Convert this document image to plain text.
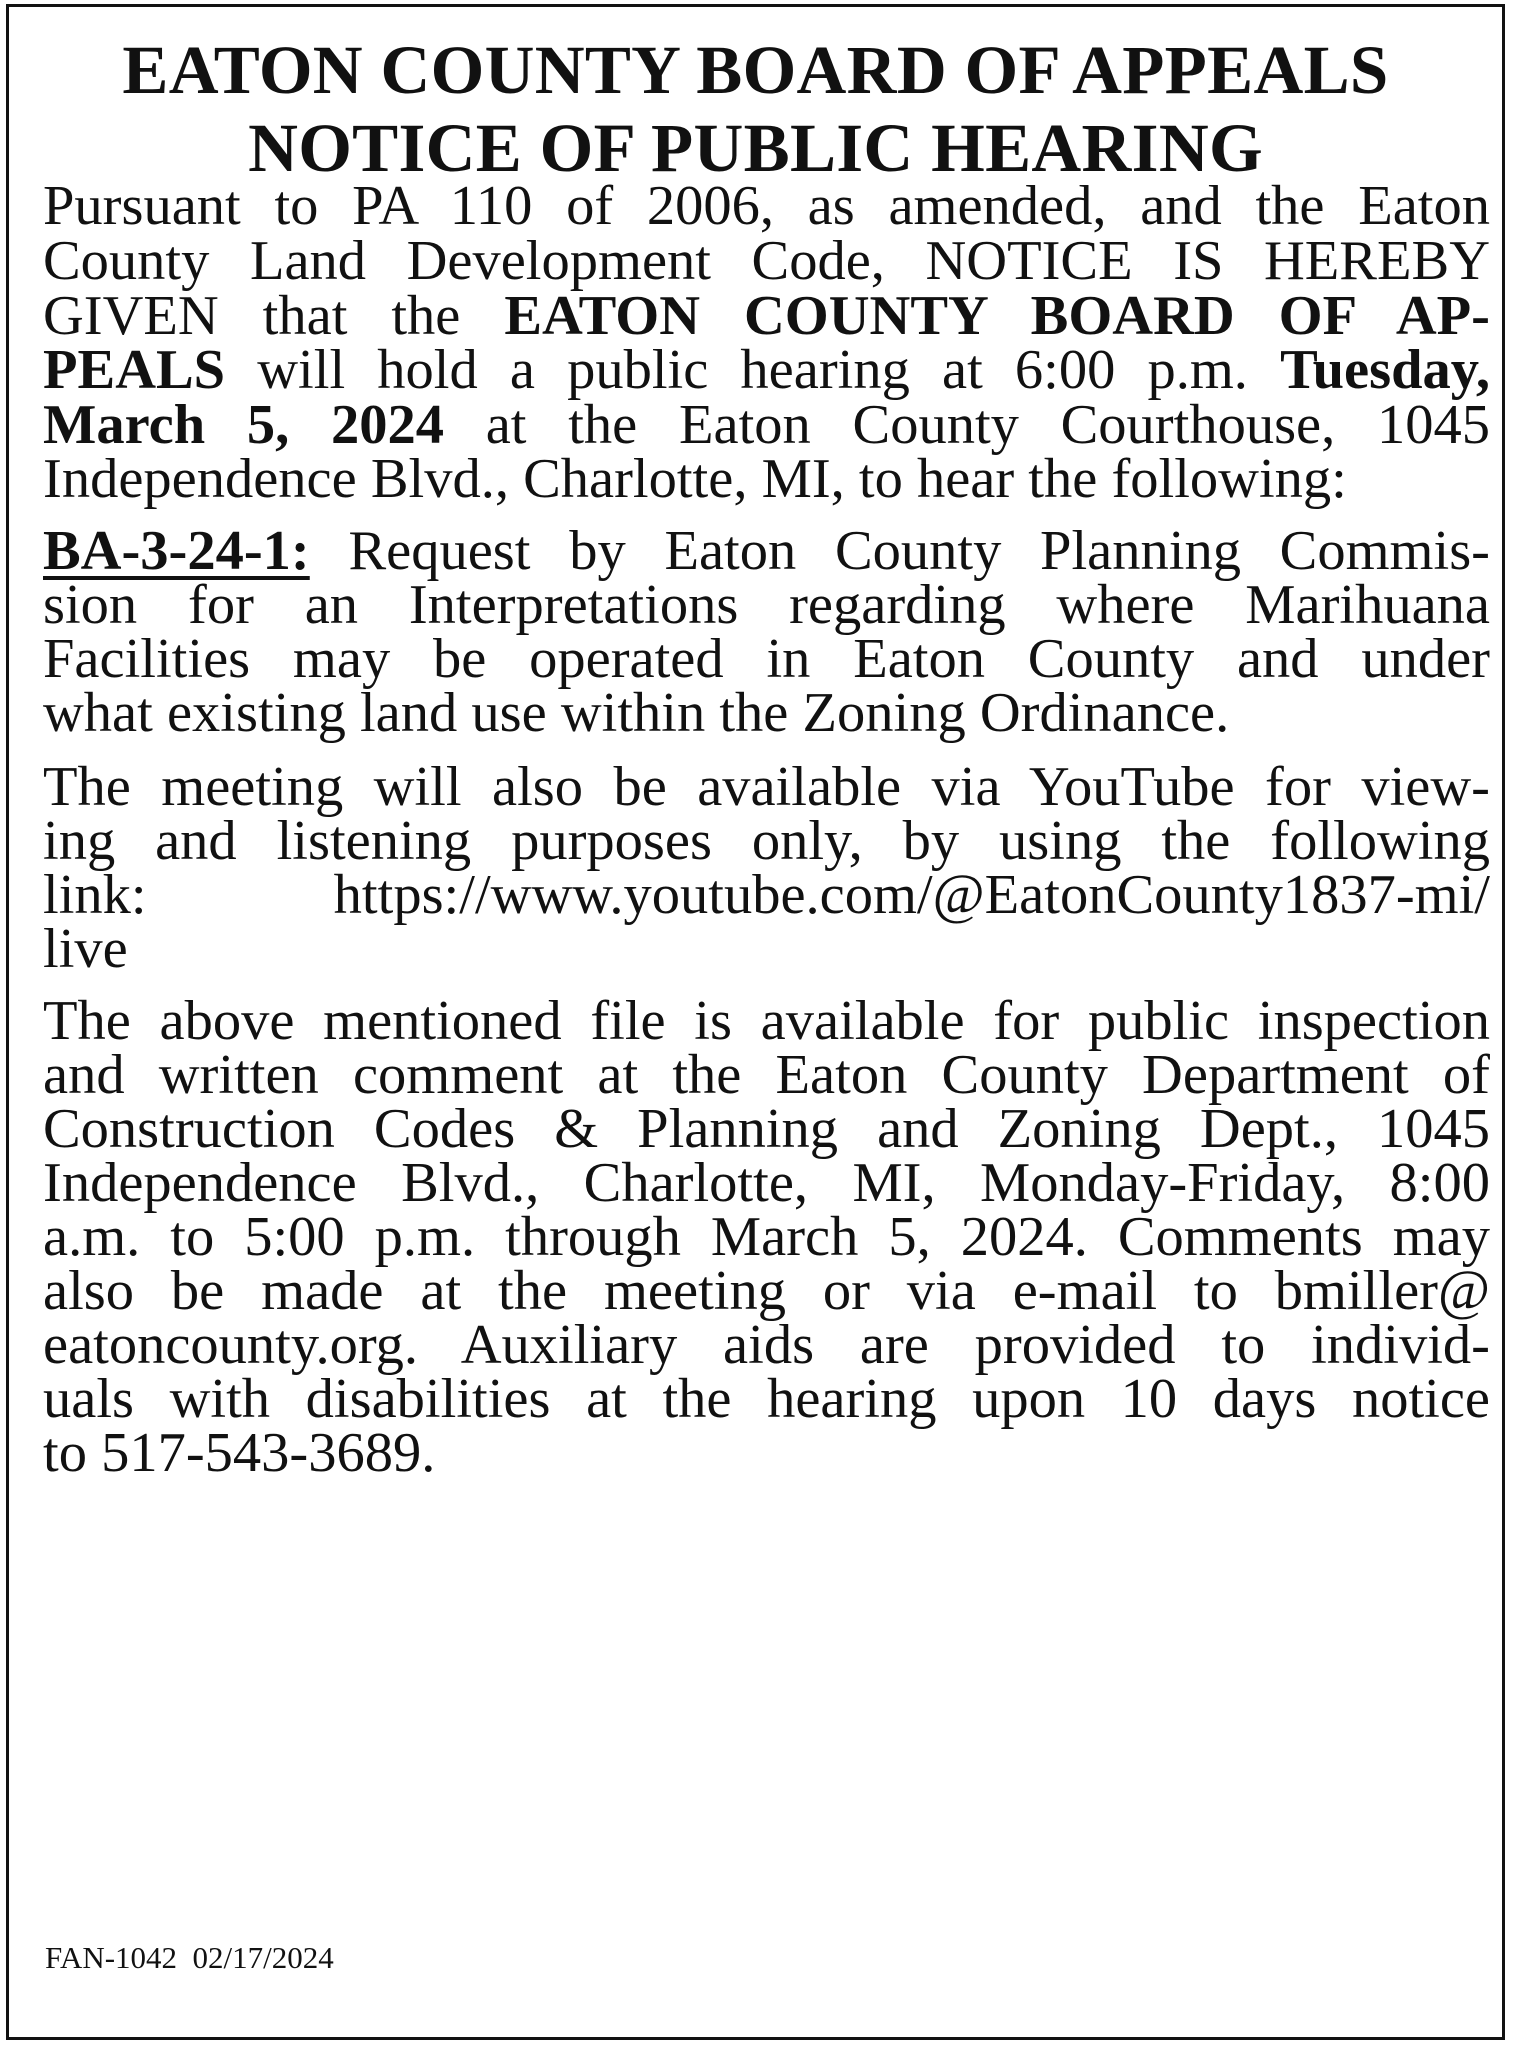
EATON COUNTY BOARD OF APPEALS
NOTICE OF PUBLIC HEARING
Pursuant to PA 110 of 2006, as amended, and the Eaton
County Land Development Code, NOTICE IS HEREBY
GIVEN that the EATON COUNTY BOARD OF AP-
PEALS will hold a public hearing at 6:00 p.m. Tuesday,
March 5, 2024 at the Eaton County Courthouse, 1045
Independence Blvd., Charlotte, MI, to hear the following:
BA-3-24-1: Request by Eaton County Planning Commis-
sion for an Interpretations regarding where Marihuana
Facilities may be operated in Eaton County and under
what existing land use within the Zoning Ordinance.
The meeting will also be available via YouTube for view-
ing and listening purposes only, by using the following
link: https://www.youtube.com/@EatonCounty1837-mi/
live
The above mentioned file is available for public inspection
and written comment at the Eaton County Department of
Construction Codes & Planning and Zoning Dept., 1045
Independence Blvd., Charlotte, MI, Monday-Friday, 8:00
a.m. to 5:00 p.m. through March 5, 2024. Comments may
also be made at the meeting or via e-mail to bmiller@
eatoncounty.org. Auxiliary aids are provided to individ-
uals with disabilities at the hearing upon 10 days notice
to 517-543-3689.
FAN-1042 02/17/2024
